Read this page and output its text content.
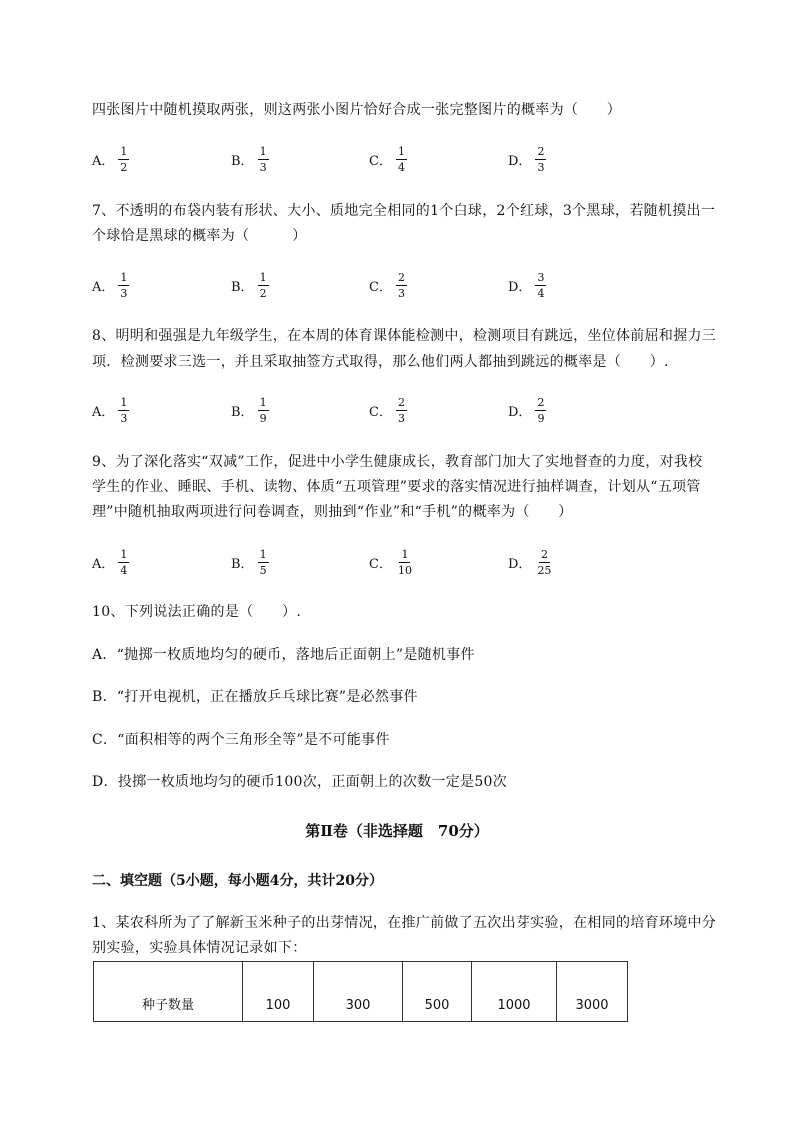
四张图片中随机摸取两张，则这两张小图片恰好合成一张完整图片的概率为（　　）
A． $\frac{1}{2}$	B． $\frac{1}{3}$	C． $\frac{1}{4}$	D． $\frac{2}{3}$
7、不透明的布袋内装有形状、大小、质地完全相同的1个白球，2个红球，3个黑球，若随机摸出一
个球恰是黑球的概率为（　　　）
A． $\frac{1}{3}$	B． $\frac{1}{2}$	C． $\frac{2}{3}$	D． $\frac{3}{4}$
8、明明和强强是九年级学生，在本周的体育课体能检测中，检测项目有跳远，坐位体前屈和握力三
项．检测要求三选一，并且采取抽签方式取得，那么他们两人都抽到跳远的概率是（　　）.
A． $\frac{1}{3}$	B． $\frac{1}{9}$	C． $\frac{2}{3}$	D． $\frac{2}{9}$
9、为了深化落实“双减”工作，促进中小学生健康成长，教育部门加大了实地督查的力度，对我校
学生的作业、睡眠、手机、读物、体质“五项管理”要求的落实情况进行抽样调查，计划从“五项管
理”中随机抽取两项进行问卷调查，则抽到“作业”和“手机”的概率为（　　）
A． $\frac{1}{4}$	B． $\frac{1}{5}$	C． $\frac{1}{10}$	D． $\frac{2}{25}$
10、下列说法正确的是（　　）.
A．“抛掷一枚质地均匀的硬币，落地后正面朝上”是随机事件
B．“打开电视机，正在播放乒乓球比赛”是必然事件
C．“面积相等的两个三角形全等”是不可能事件
D．投掷一枚质地均匀的硬币100次，正面朝上的次数一定是50次
第Ⅱ卷（非选择题　70分）
二、填空题（5小题，每小题4分，共计20分）
1、某农科所为了了解新玉米种子的出芽情况，在推广前做了五次出芽实验，在相同的培育环境中分
别实验，实验具体情况记录如下：
种子数量	100	300	500	1000	3000
